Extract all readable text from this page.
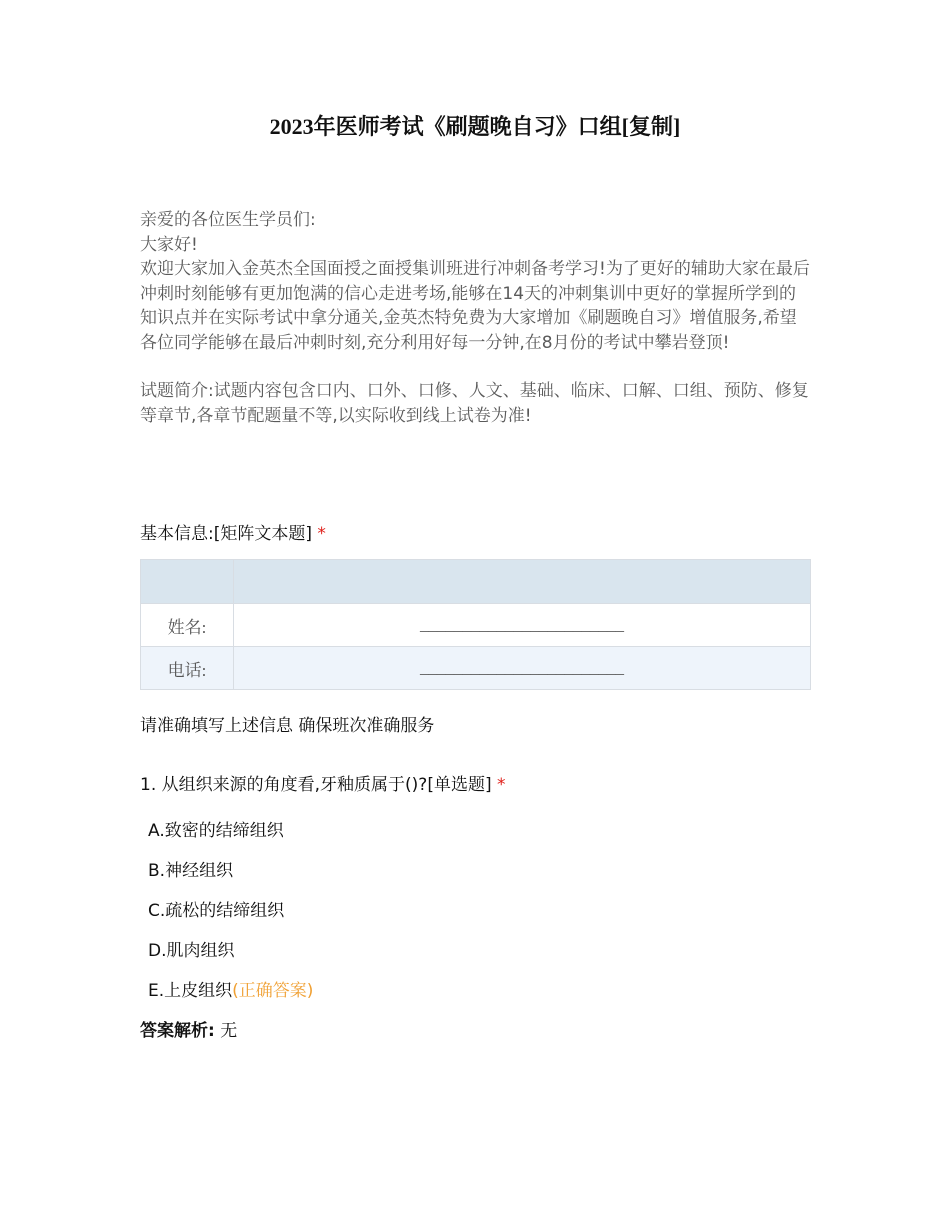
2023年医师考试《刷题晚自习》口组[复制]

亲爱的各位医生学员们:

大家好!

欢迎大家加入金英杰全国面授之面授集训班进行冲刺备考学习!为了更好的辅助大家在最后冲刺时刻能够有更加饱满的信心走进考场,能够在14天的冲刺集训中更好的掌握所学到的知识点并在实际考试中拿分通关,金英杰特免费为大家增加《刷题晚自习》增值服务,希望各位同学能够在最后冲刺时刻,充分利用好每一分钟,在8月份的考试中攀岩登顶!

试题简介:试题内容包含口内、口外、口修、人文、基础、临床、口解、口组、预防、修复等章节,各章节配题量不等,以实际收到线上试卷为准!

基本信息:[矩阵文本题] *

姓名:	________________________
电话:	________________________
请准确填写上述信息 确保班次准确服务
1. 从组织来源的角度看,牙釉质属于()?[单选题] *
A.致密的结缔组织
B.神经组织
C.疏松的结缔组织
D.肌肉组织
E.上皮组织(正确答案)
答案解析: 无
